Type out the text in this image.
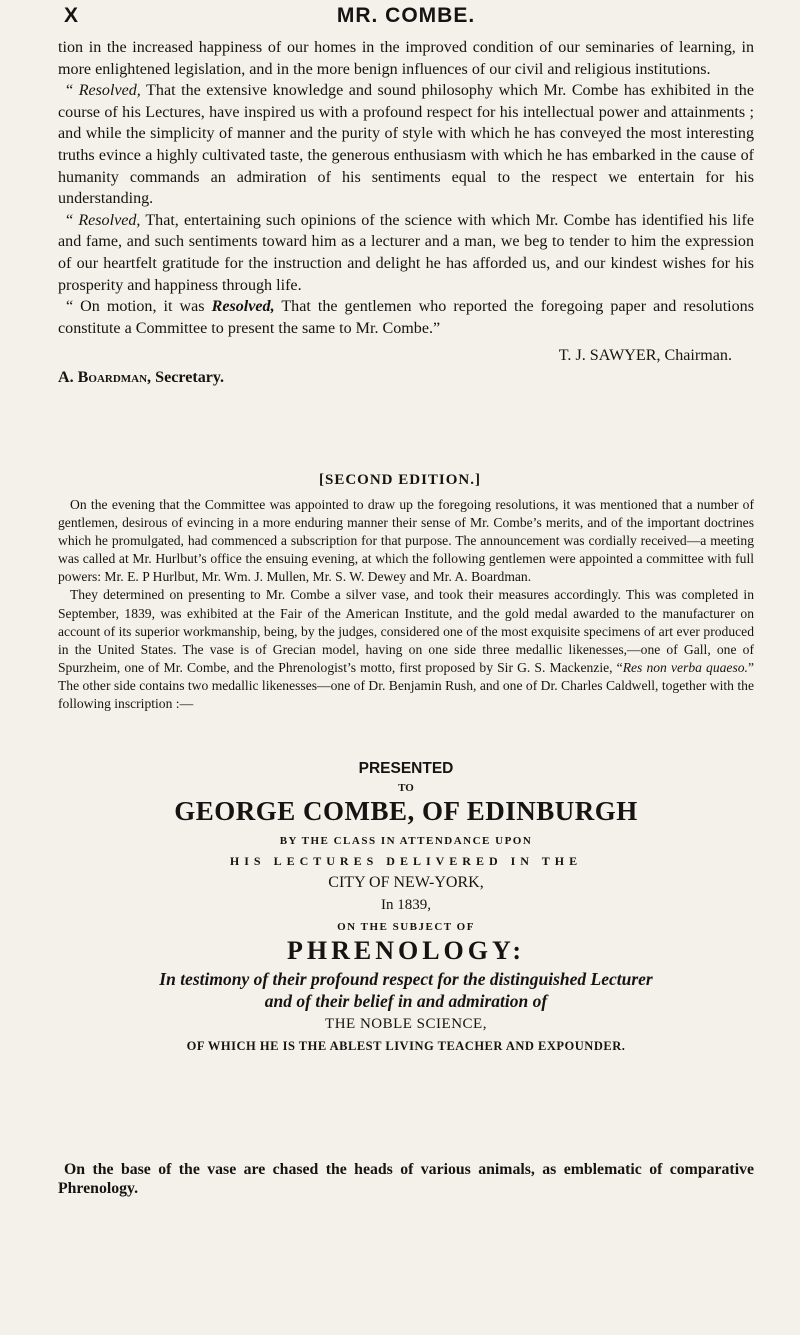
X	MR. COMBE.

tion in the increased happiness of our homes in the improved condition of our seminaries of learning, in more enlightened legislation, and in the more benign influences of our civil and religious institutions.

“ Resolved, That the extensive knowledge and sound philosophy which Mr. Combe has exhibited in the course of his Lectures, have inspired us with a profound respect for his intellectual power and attainments ; and while the simplicity of manner and the purity of style with which he has conveyed the most interesting truths evince a highly cultivated taste, the generous enthusiasm with which he has embarked in the cause of humanity commands an admiration of his sentiments equal to the respect we entertain for his understanding.

“ Resolved, That, entertaining such opinions of the science with which Mr. Combe has identified his life and fame, and such sentiments toward him as a lecturer and a man, we beg to tender to him the expression of our heartfelt gratitude for the instruction and delight he has afforded us, and our kindest wishes for his prosperity and happiness through life.

“ On motion, it was Resolved, That the gentlemen who reported the foregoing paper and resolutions constitute a Committee to present the same to Mr. Combe.”

T. J. SAWYER, Chairman.
A. Boardman, Secretary.
[SECOND EDITION.]

On the evening that the Committee was appointed to draw up the foregoing resolutions, it was mentioned that a number of gentlemen, desirous of evincing in a more enduring manner their sense of Mr. Combe’s merits, and of the important doctrines which he promulgated, had commenced a subscription for that purpose. The announcement was cordially received—a meeting was called at Mr. Hurlbut’s office the ensuing evening, at which the following gentlemen were appointed a committee with full powers: Mr. E. P Hurlbut, Mr. Wm. J. Mullen, Mr. S. W. Dewey and Mr. A. Boardman.

They determined on presenting to Mr. Combe a silver vase, and took their measures accordingly. This was completed in September, 1839, was exhibited at the Fair of the American Institute, and the gold medal awarded to the manufacturer on account of its superior workmanship, being, by the judges, considered one of the most exquisite specimens of art ever produced in the United States. The vase is of Grecian model, having on one side three medallic likenesses,—one of Gall, one of Spurzheim, one of Mr. Combe, and the Phrenologist’s motto, first proposed by Sir G. S. Mackenzie, “Res non verba quaeso.” The other side contains two medallic likenesses—one of Dr. Benjamin Rush, and one of Dr. Charles Caldwell, together with the following inscription :—

PRESENTED
TO
GEORGE COMBE, OF EDINBURGH
BY THE CLASS IN ATTENDANCE UPON
HIS LECTURES DELIVERED IN THE
CITY OF NEW-YORK,
In 1839,
ON THE SUBJECT OF
PHRENOLOGY:
In testimony of their profound respect for the distinguished Lecturer
and of their belief in and admiration of
THE NOBLE SCIENCE,
OF WHICH HE IS THE ABLEST LIVING TEACHER AND EXPOUNDER.
On the base of the vase are chased the heads of various animals, as emblematic of comparative Phrenology.
